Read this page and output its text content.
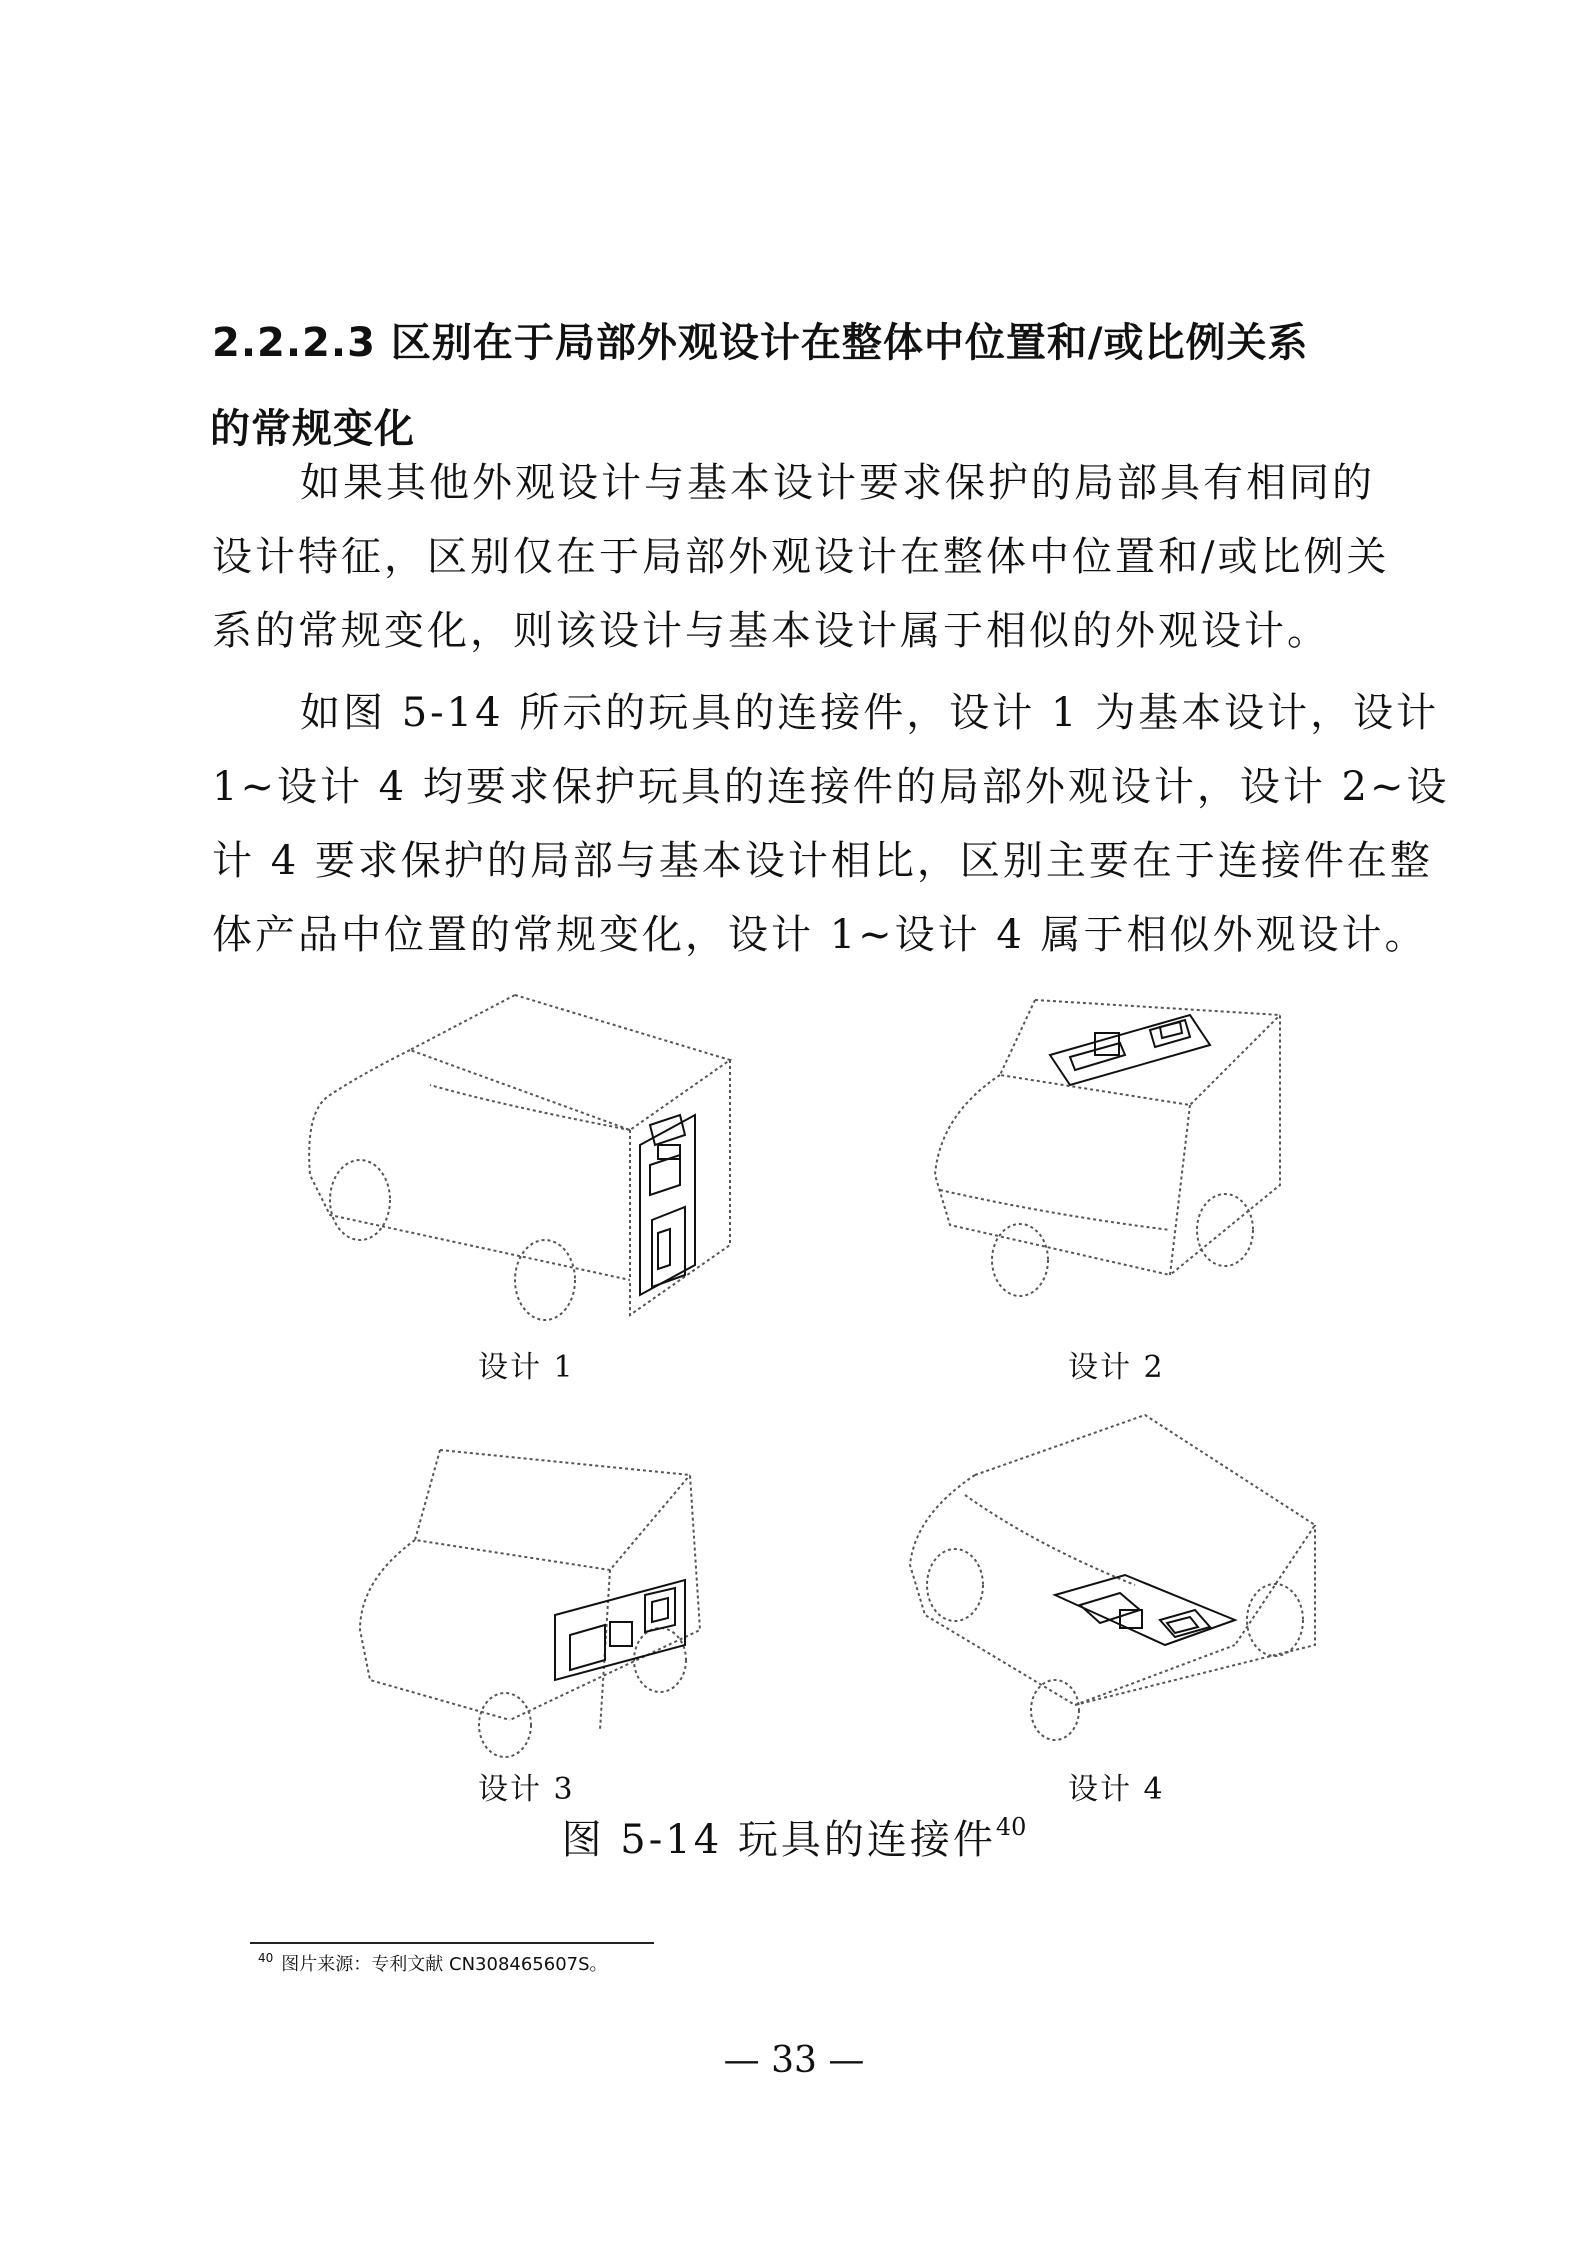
2.2.2.3 区别在于局部外观设计在整体中位置和/或比例关系
的常规变化
如果其他外观设计与基本设计要求保护的局部具有相同的
设计特征，区别仅在于局部外观设计在整体中位置和/或比例关
系的常规变化，则该设计与基本设计属于相似的外观设计。
如图 5-14 所示的玩具的连接件，设计 1 为基本设计，设计
1~设计 4 均要求保护玩具的连接件的局部外观设计，设计 2~设
计 4 要求保护的局部与基本设计相比，区别主要在于连接件在整
体产品中位置的常规变化，设计 1~设计 4 属于相似外观设计。
设计 1	设计 2
设计 3	设计 4
图 5-14 玩具的连接件$^{40}$
$^{40}$ 图片来源：专利文献 CN308465607S。
— 33 —
